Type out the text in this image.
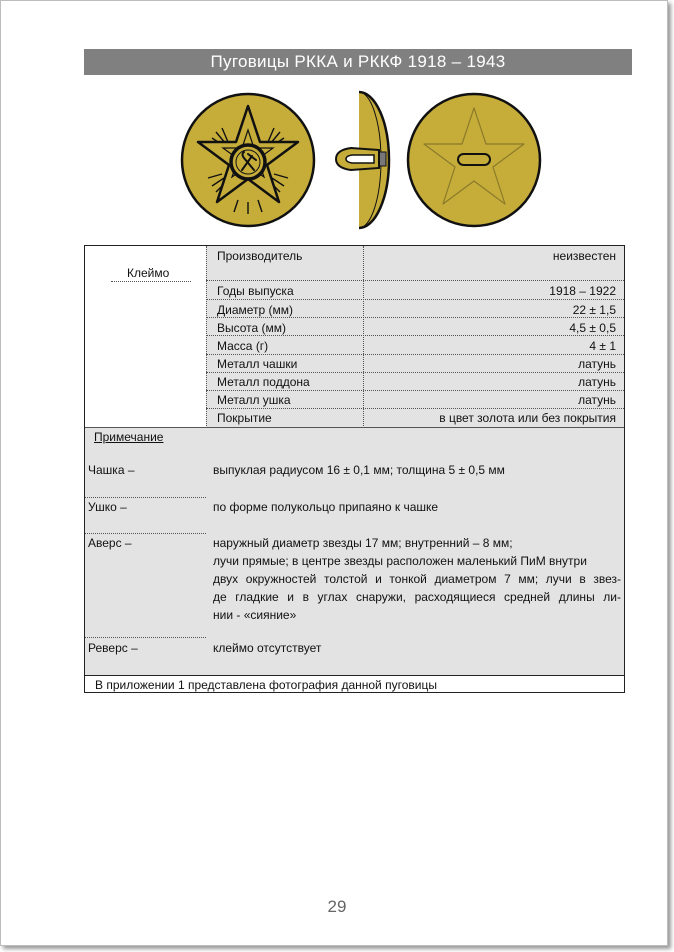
Пуговицы РККА и РККФ 1918 – 1943
Клеймо
Производитель	неизвестен
Годы выпуска	1918 – 1922
Диаметр (мм)	22 ± 1,5
Высота (мм)	4,5 ± 0,5
Масса (г)	4 ± 1
Металл чашки	латунь
Металл поддона	латунь
Металл ушка	латунь
Покрытие	в цвет золота или без покрытия
Примечание
Чашка –	выпуклая радиусом 16 ± 0,1 мм; толщина 5 ± 0,5 мм
Ушко –	по форме полукольцо припаяно к чашке
Аверс –	наружный диаметр звезды 17 мм; внутренний – 8 мм;
лучи прямые; в центре звезды расположен маленький ПиМ внутри
двух окружностей толстой и тонкой диаметром 7 мм; лучи в звез-
де гладкие и в углах снаружи, расходящиеся средней длины ли-
нии - «сияние»
Реверс –	клеймо отсутствует
В приложении 1 представлена фотография данной пуговицы
29
